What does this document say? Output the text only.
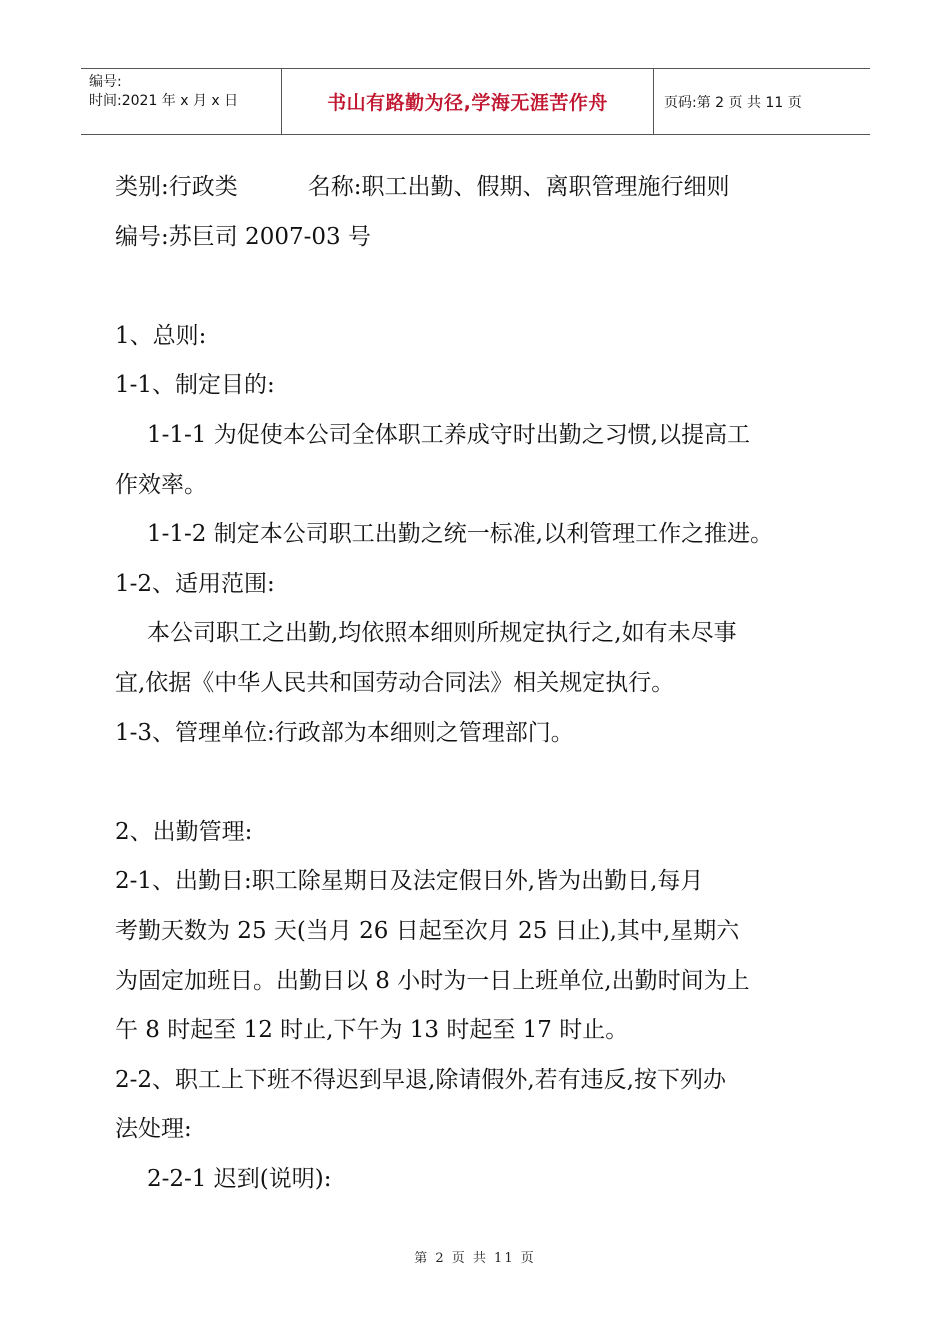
编号:
时间:2021 年 x 月 x 日	书山有路勤为径,学海无涯苦作舟	页码:第 2 页 共 11 页
类别:行政类	名称:职工出勤、假期、离职管理施行细则
编号:苏巨司 2007-03 号
1、总则:
1-1、制定目的:
1-1-1 为促使本公司全体职工养成守时出勤之习惯,以提高工
作效率。
1-1-2 制定本公司职工出勤之统一标准,以利管理工作之推进。
1-2、适用范围:
本公司职工之出勤,均依照本细则所规定执行之,如有未尽事
宜,依据《中华人民共和国劳动合同法》相关规定执行。
1-3、管理单位:行政部为本细则之管理部门。
2、出勤管理:
2-1、出勤日:职工除星期日及法定假日外,皆为出勤日,每月
考勤天数为 25 天(当月 26 日起至次月 25 日止),其中,星期六
为固定加班日。出勤日以 8 小时为一日上班单位,出勤时间为上
午 8 时起至 12 时止,下午为 13 时起至 17 时止。
2-2、职工上下班不得迟到早退,除请假外,若有违反,按下列办
法处理:
2-2-1 迟到(说明):
第 2 页 共 11 页
